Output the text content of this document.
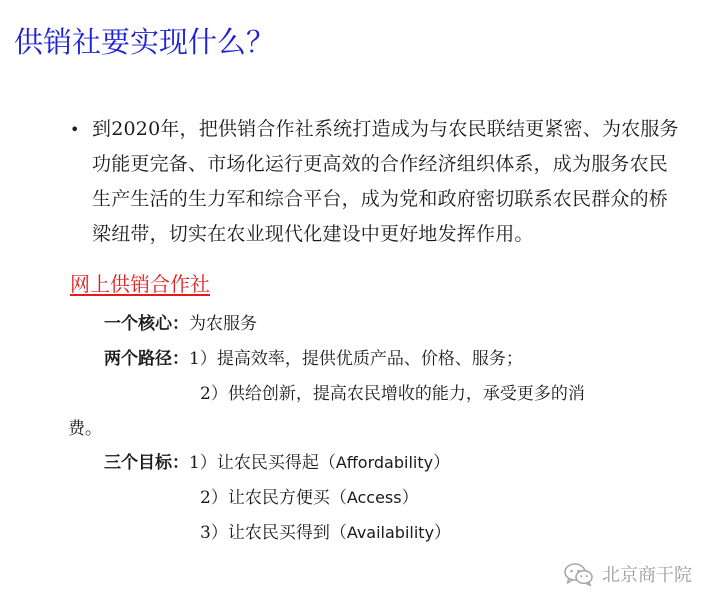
供销社要实现什么？
• 到2020年，把供销合作社系统打造成为与农民联结更紧密、为农服务
功能更完备、市场化运行更高效的合作经济组织体系，成为服务农民
生产生活的生力军和综合平台，成为党和政府密切联系农民群众的桥
梁纽带，切实在农业现代化建设中更好地发挥作用。
网上供销合作社
一个核心：为农服务
两个路径：1）提高效率，提供优质产品、价格、服务；
2）供给创新，提高农民增收的能力，承受更多的消
费。
三个目标：1）让农民买得起（Affordability）
2）让农民方便买（Access）
3）让农民买得到（Availability）
北京商干院
